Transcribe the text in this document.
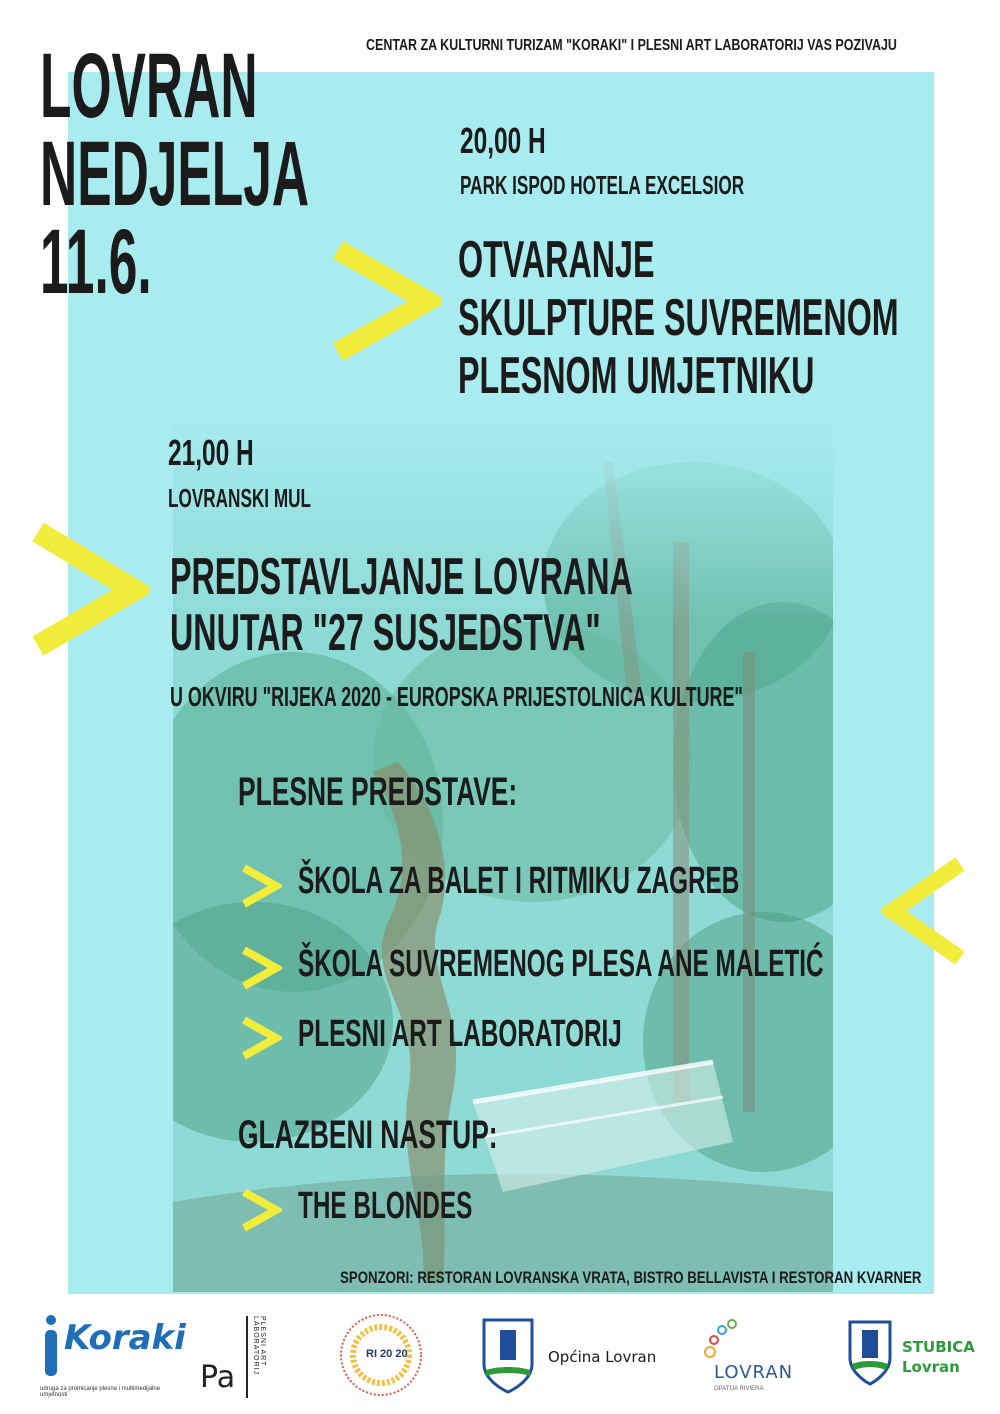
CENTAR ZA KULTURNI TURIZAM "KORAKI" I PLESNI ART LABORATORIJ VAS POZIVAJU
LOVRAN
NEDJELJA
11.6.
20,00 H
PARK ISPOD HOTELA EXCELSIOR
OTVARANJE
SKULPTURE SUVREMENOM
PLESNOM UMJETNIKU
21,00 H
LOVRANSKI MUL
PREDSTAVLJANJE LOVRANA
UNUTAR "27 SUSJEDSTVA"
U OKVIRU "RIJEKA 2020 - EUROPSKA PRIJESTOLNICA KULTURE"
PLESNE PREDSTAVE:
ŠKOLA ZA BALET I RITMIKU ZAGREB
ŠKOLA SUVREMENOG PLESA ANE MALETIĆ
PLESNI ART LABORATORIJ
GLAZBENI NASTUP:
THE BLONDES
SPONZORI: RESTORAN LOVRANSKA VRATA, BISTRO BELLAVISTA I RESTORAN KVARNER
Koraki
udruga za promicanje plesne i multimedijalne umjetnosti	Pa
PLESNI ART LABORATORIJ	RI 20 20	Općina Lovran
LOVRAN
OPATIJA RIVIERA
STUBICA
Lovran
